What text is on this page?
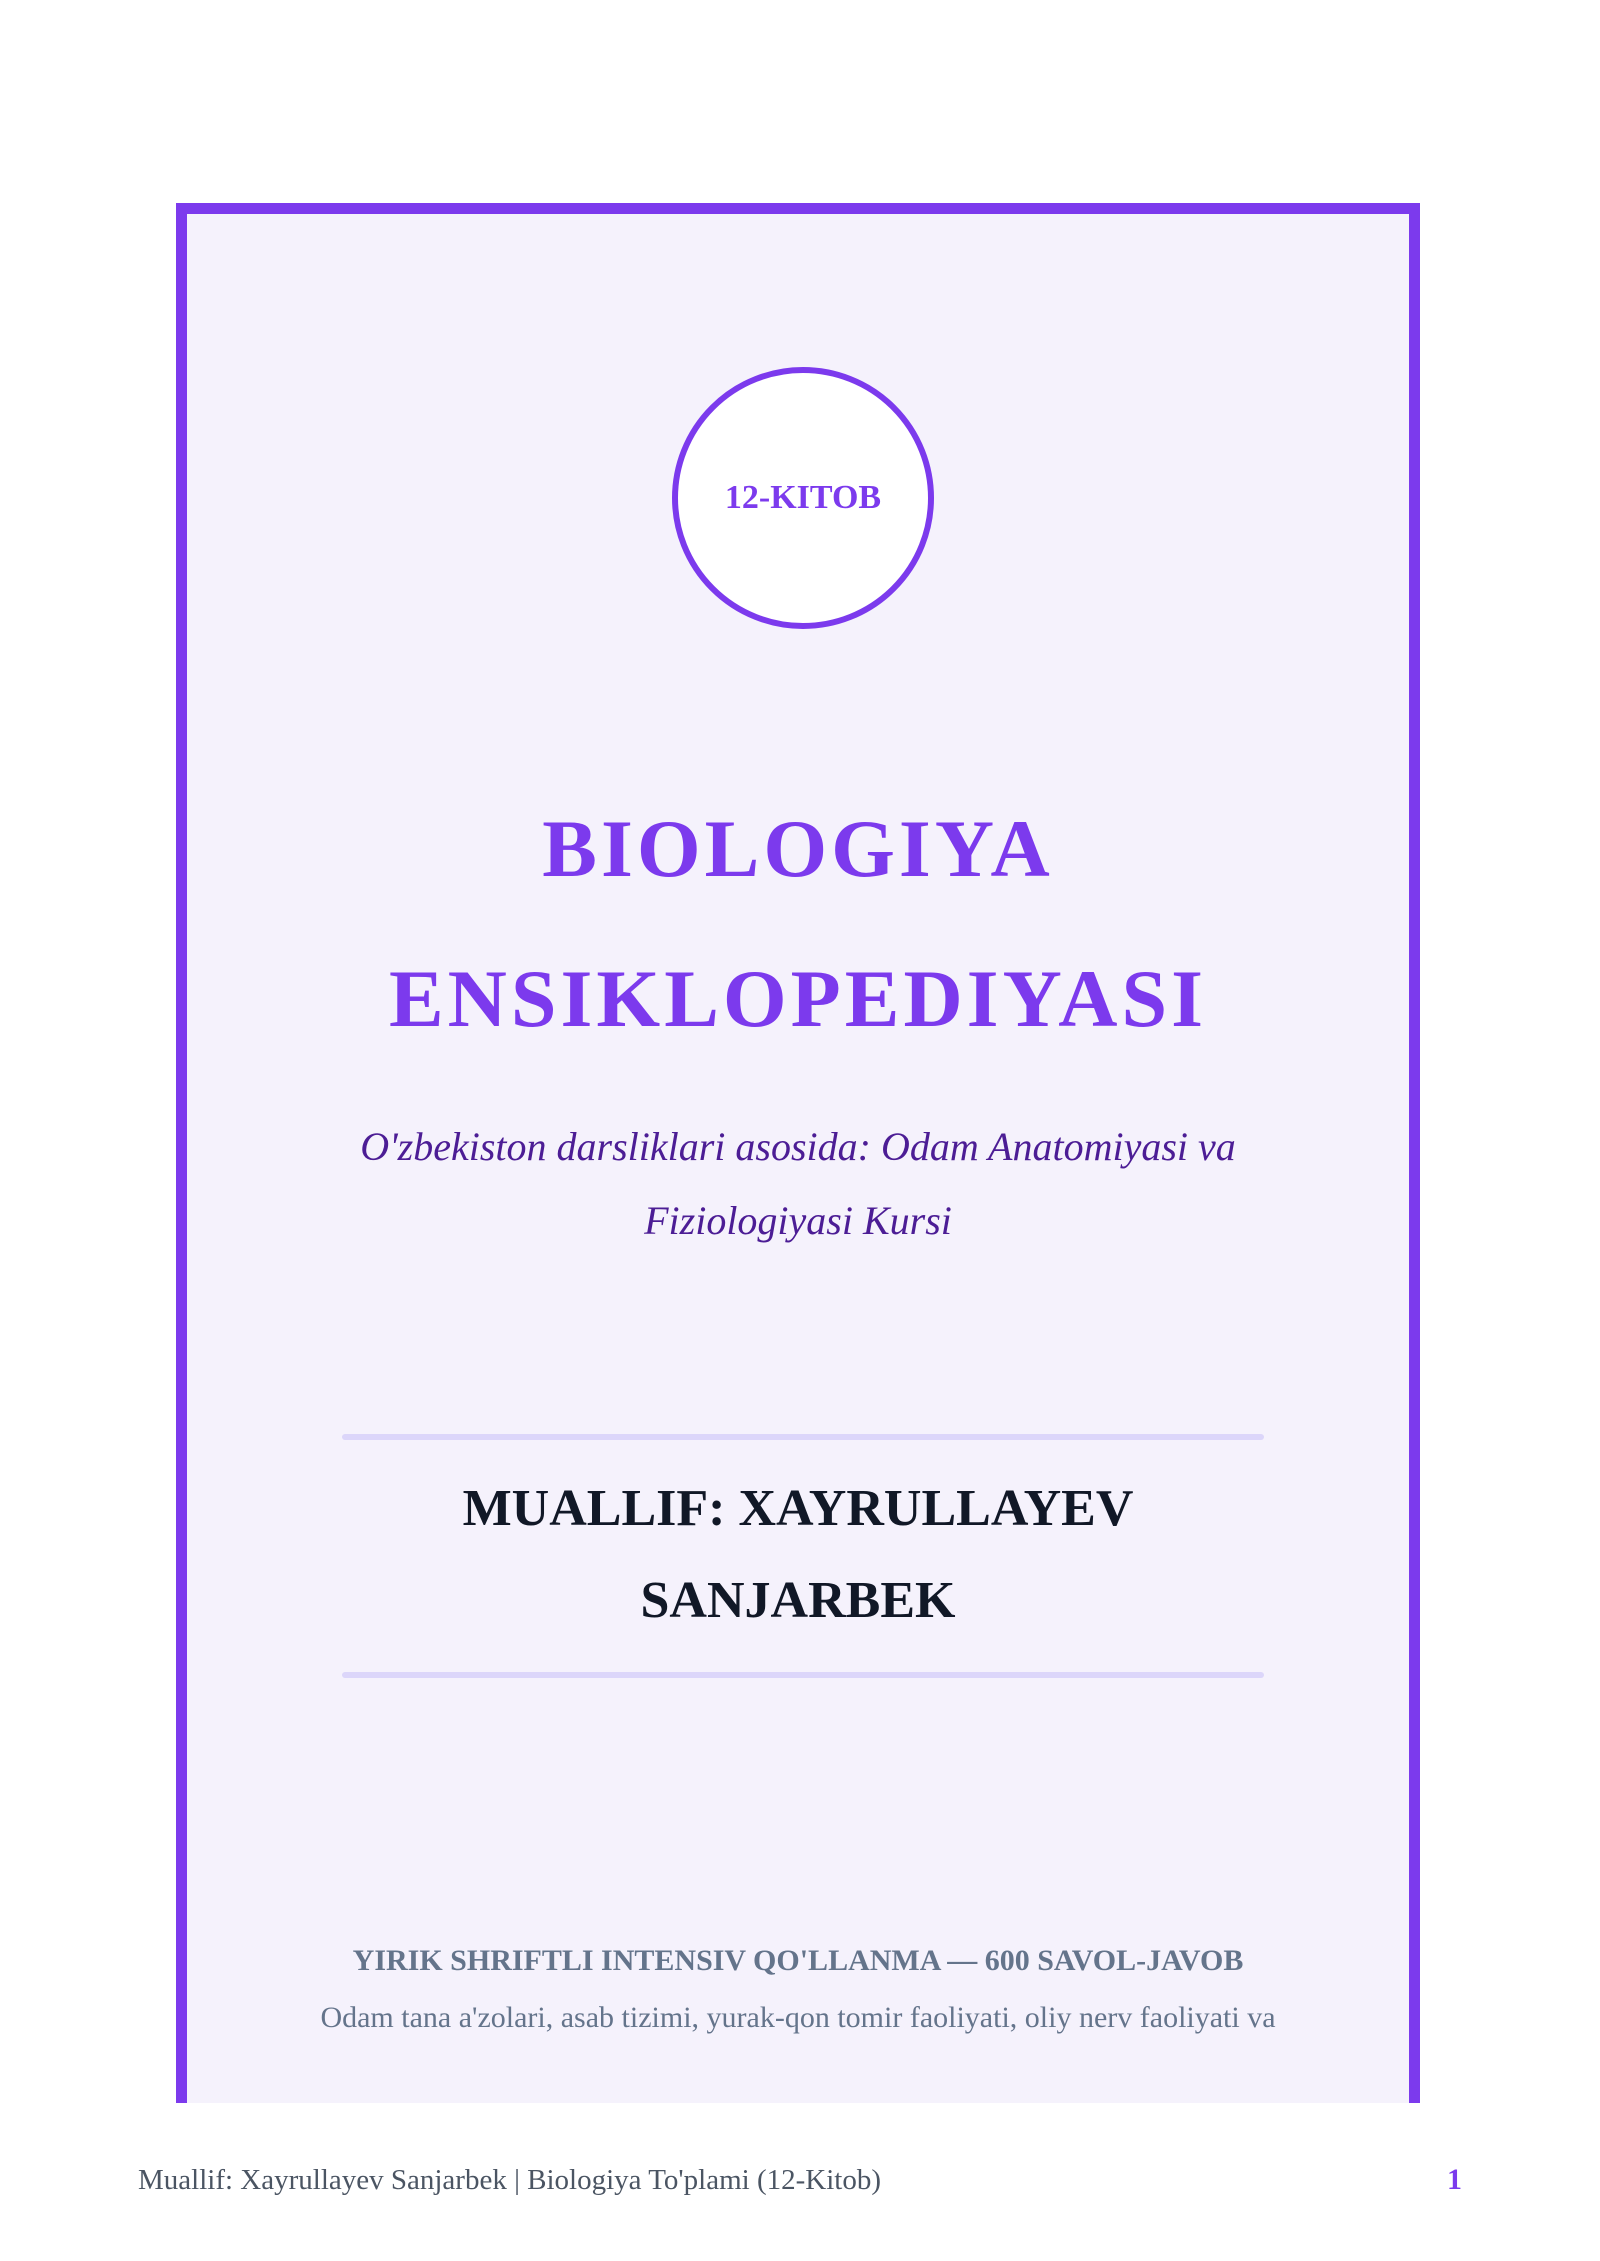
12-KITOB
BIOLOGIYA
ENSIKLOPEDIYASI
O'zbekiston darsliklari asosida: Odam Anatomiyasi va
Fiziologiyasi Kursi
MUALLIF: XAYRULLAYEV
SANJARBEK
YIRIK SHRIFTLI INTENSIV QO'LLANMA — 600 SAVOL-JAVOB
Odam tana a'zolari, asab tizimi, yurak-qon tomir faoliyati, oliy nerv faoliyati va
Muallif: Xayrullayev Sanjarbek | Biologiya To'plami (12-Kitob)	1
